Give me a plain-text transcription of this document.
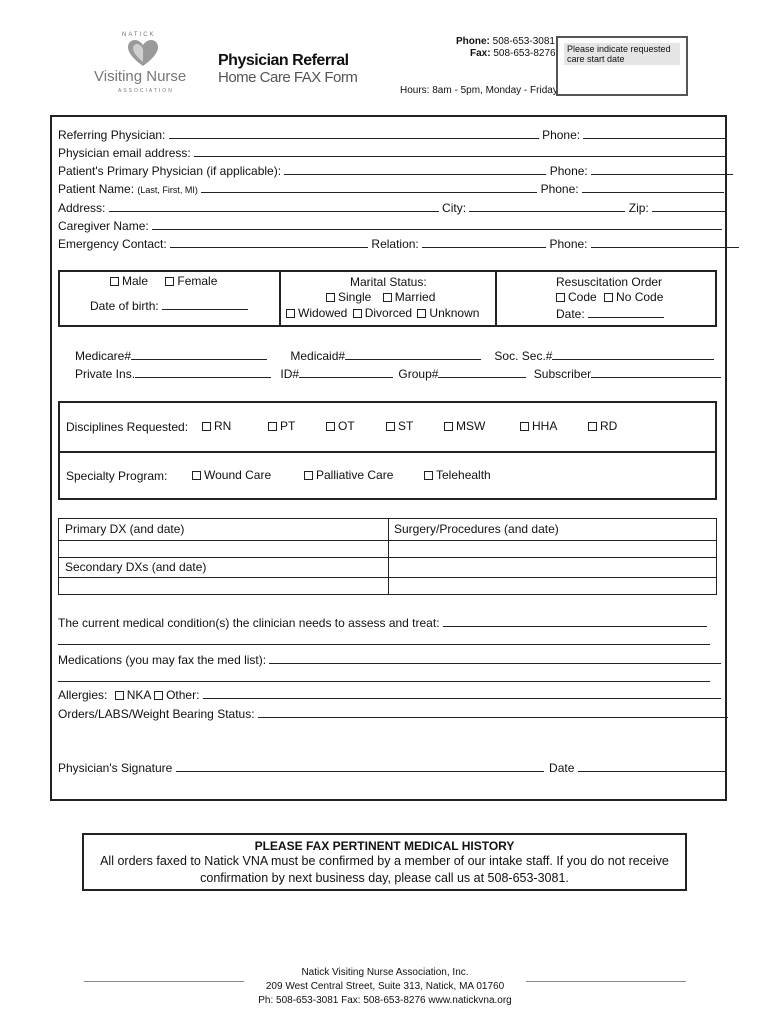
NATICK
Visiting Nurse
ASSOCIATION
Physician Referral
Home Care FAX Form
Phone: 508-653-3081
Fax: 508-653-8276
Hours: 8am - 5pm, Monday - Friday
Please indicate requested care start date
Referring Physician:	Phone:
Physician email address:
Patient's Primary Physician (if applicable):	Phone:
Patient Name: (Last, First, MI)	Phone:
Address:	City:	Zip:
Caregiver Name:
Emergency Contact:	Relation:	Phone:
Male Female
Date of birth:
Marital Status:
Single Married
Widowed Divorced Unknown
Resuscitation Order
Code No Code
Date:
Medicare#	Medicaid#	Soc. Sec.#
Private Ins.	ID#	Group#	Subscriber
Disciplines Requested:	RN	PT	OT	ST	MSW	HHA	RD
Specialty Program:	Wound Care	Palliative Care	Telehealth
Primary DX (and date)	Surgery/Procedures (and date)
Secondary DXs (and date)
The current medical condition(s) the clinician needs to assess and treat:
Medications (you may fax the med list):
Allergies: NKA Other:
Orders/LABS/Weight Bearing Status:
Physician's Signature	Date
PLEASE FAX PERTINENT MEDICAL HISTORY
All orders faxed to Natick VNA must be confirmed by a member of our intake staff. If you do not receive confirmation by next business day, please call us at 508-653-3081.
Natick Visiting Nurse Association, Inc.
209 West Central Street, Suite 313, Natick, MA 01760
Ph: 508-653-3081 Fax: 508-653-8276 www.natickvna.org
